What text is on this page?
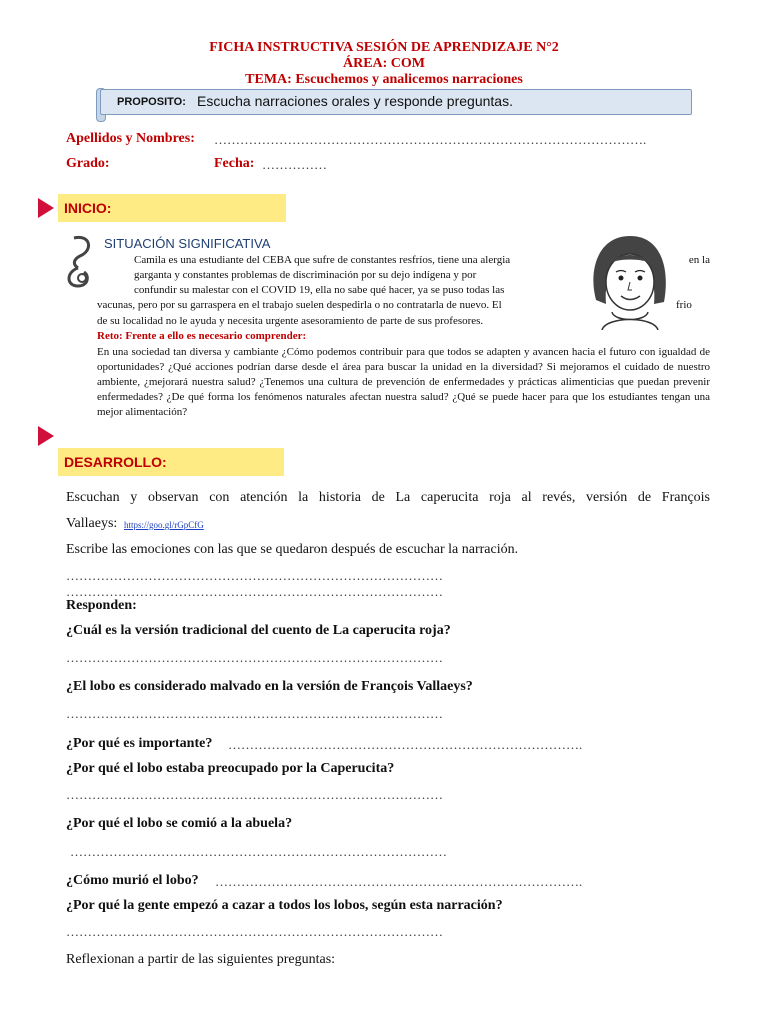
FICHA INSTRUCTIVA SESIÓN DE APRENDIZAJE N°2
ÁREA: COM
TEMA: Escuchemos y analicemos narraciones
PROPOSITO: Escucha narraciones orales y responde preguntas.
Apellidos y Nombres: ……………………………………………………………………………………….
Grado:	Fecha: ……………
INICIO:
SITUACIÓN SIGNIFICATIVA
Camila es una estudiante del CEBA que sufre de constantes resfríos, tiene una alergia
garganta y constantes problemas de discriminación por su dejo indígena y por
confundir su malestar con el COVID 19, ella no sabe qué hacer, ya se puso todas las
vacunas, pero por su garraspera en el trabajo suelen despedirla o no contratarla de nuevo. El
de su localidad no le ayuda y necesita urgente asesoramiento de parte de sus profesores.
en la
frio
Reto: Frente a ello es necesario comprender:
En una sociedad tan diversa y cambiante ¿Cómo podemos contribuir para que todos se adapten y avancen hacia el futuro con igualdad de oportunidades? ¿Qué acciones podrían darse desde el área para buscar la unidad en la diversidad? Si mejoramos el cuidado de nuestro ambiente, ¿mejorará nuestra salud? ¿Tenemos una cultura de prevención de enfermedades y prácticas alimenticias que puedan prevenir enfermedades? ¿De qué forma los fenómenos naturales afectan nuestra salud? ¿Qué se puede hacer para que los estudiantes tengan una mejor alimentación?
DESARROLLO:
Escuchan y observan con atención la historia de La caperucita roja al revés, versión de François
Vallaeys: https://goo.gl/rGpCfG
Escribe las emociones con las que se quedaron después de escuchar la narración.
……………………………………………………………………………
……………………………………………………………………………
Responden:
¿Cuál es la versión tradicional del cuento de La caperucita roja?
……………………………………………………………………………
¿El lobo es considerado malvado en la versión de François Vallaeys?
……………………………………………………………………………
¿Por qué es importante? ……………………………………………………………………….
¿Por qué el lobo estaba preocupado por la Caperucita?
……………………………………………………………………………
¿Por qué el lobo se comió a la abuela?
……………………………………………………………………………
¿Cómo murió el lobo? ………………………………………………………………………….
¿Por qué la gente empezó a cazar a todos los lobos, según esta narración?
……………………………………………………………………………
Reflexionan a partir de las siguientes preguntas:
